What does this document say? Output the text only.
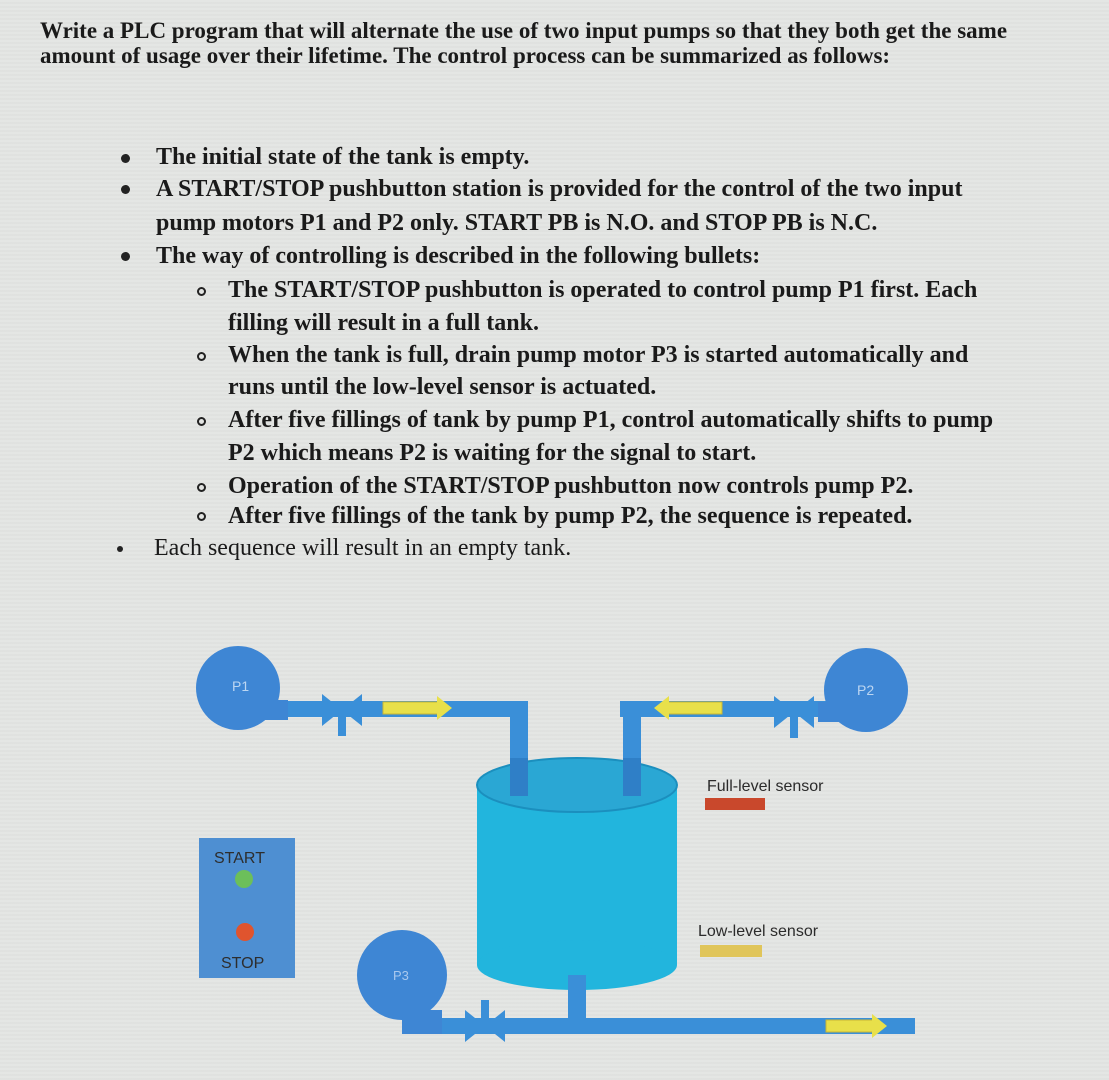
Write a PLC program that will alternate the use of two input pumps so that they both get the same amount of usage over their lifetime. The control process can be summarized as follows:
The initial state of the tank is empty.
A START/STOP pushbutton station is provided for the control of the two input
pump motors P1 and P2 only. START PB is N.O. and STOP PB is N.C.
The way of controlling is described in the following bullets:
The START/STOP pushbutton is operated to control pump P1 first. Each
filling will result in a full tank.
When the tank is full, drain pump motor P3 is started automatically and
runs until the low-level sensor is actuated.
After five fillings of tank by pump P1, control automatically shifts to pump
P2 which means P2 is waiting for the signal to start.
Operation of the START/STOP pushbutton now controls pump P2.
After five fillings of the tank by pump P2, the sequence is repeated.
Each sequence will result in an empty tank.
P1	P2
P3
Full-level sensor
Low-level sensor
START
STOP
